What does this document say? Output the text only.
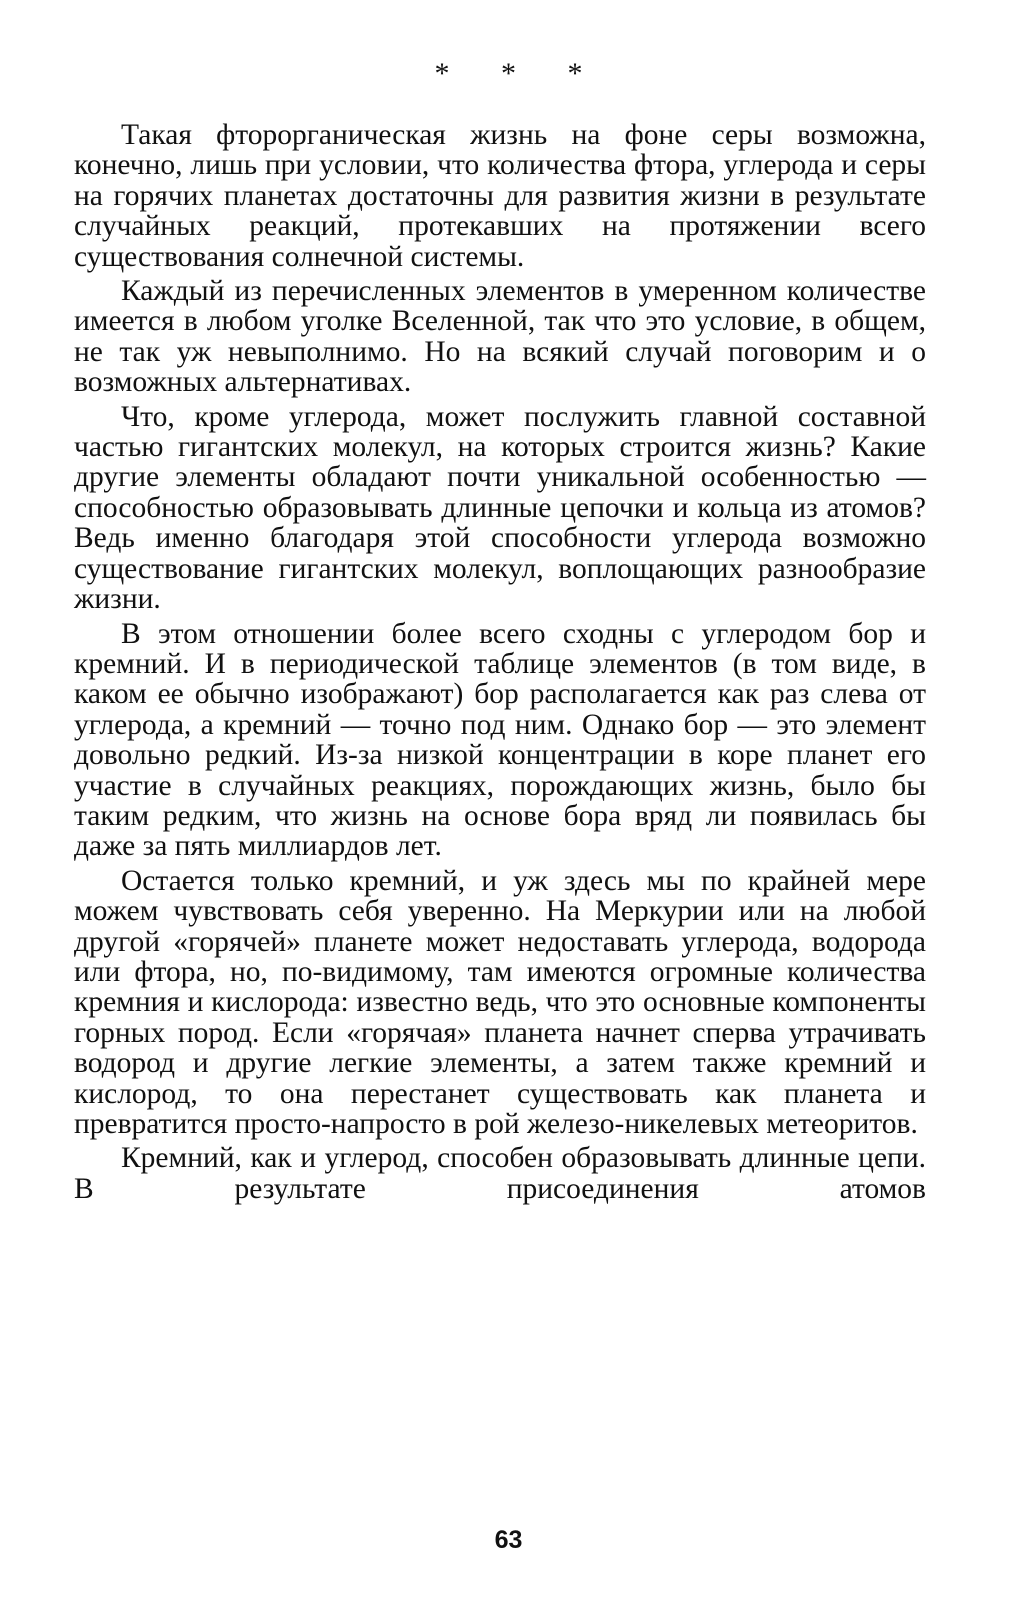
* * *

Такая фторорганическая жизнь на фоне серы возможна, конечно, лишь при условии, что количества фтора, углерода и серы на горячих планетах достаточны для развития жизни в результате случайных реакций, протекавших на протяжении всего существования солнечной системы.

Каждый из перечисленных элементов в умеренном количестве имеется в любом уголке Вселенной, так что это условие, в общем, не так уж невыполнимо. Но на всякий случай поговорим и о возможных альтернативах.

Что, кроме углерода, может послужить главной составной частью гигантских молекул, на которых строится жизнь? Какие другие элементы обладают почти уникальной особенностью — способностью образовывать длинные цепочки и кольца из атомов? Ведь именно благодаря этой способности углерода возможно существование гигантских молекул, воплощающих разнообразие жизни.

В этом отношении более всего сходны с углеродом бор и кремний. И в периодической таблице элементов (в том виде, в каком ее обычно изображают) бор располагается как раз слева от углерода, а кремний — точно под ним. Однако бор — это элемент довольно редкий. Из-за низкой концентрации в коре планет его участие в случайных реакциях, порождающих жизнь, было бы таким редким, что жизнь на основе бора вряд ли появилась бы даже за пять миллиардов лет.

Остается только кремний, и уж здесь мы по крайней мере можем чувствовать себя уверенно. На Меркурии или на любой другой «горячей» планете может недоставать углерода, водорода или фтора, но, по-видимому, там имеются огромные количества кремния и кислорода: известно ведь, что это основные компоненты горных пород. Если «горячая» планета начнет сперва утрачивать водород и другие легкие элементы, а затем также кремний и кислород, то она перестанет существовать как планета и превратится просто-напросто в рой железо-никелевых метеоритов.

Кремний, как и углерод, способен образовывать длинные цепи. В результате присоединения атомов

63
